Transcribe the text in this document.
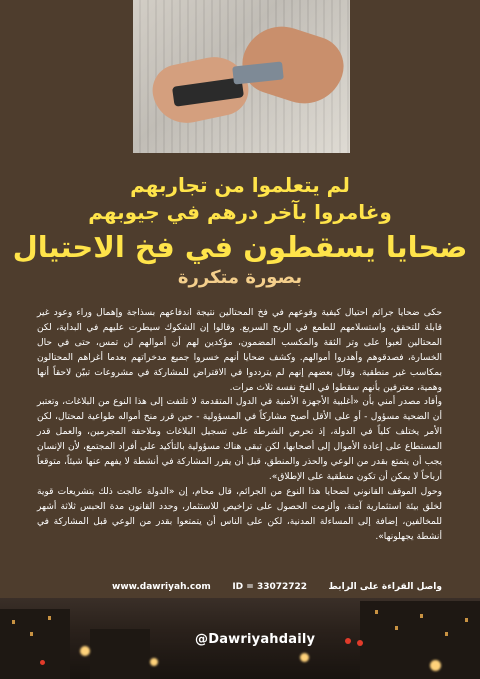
لم يتعلموا من تجاربهم
وغامروا بآخر درهم في جيوبهم
ضحايا يسقطون في فخ الاحتيال
بصورة متكررة

حكى ضحايا جرائم احتيال كيفية وقوعهم في فخ المحتالين نتيجة اندفاعهم بسذاجة وإهمال وراء وعود غير قابلة للتحقق، واستسلامهم للطمع في الربح السريع. وقالوا إن الشكوك سيطرت عليهم في البداية، لكن المحتالين لعبوا على وتر الثقة والمكسب المضمون، مؤكدين لهم أن أموالهم لن تمس، حتى في حال الخسارة، فصدقوهم وأهدروا أموالهم. وكشف ضحايا أنهم خسروا جميع مدخراتهم بعدما أغراهم المحتالون بمكاسب غير منطقية. وقال بعضهم إنهم لم يترددوا في الاقتراض للمشاركة في مشروعات تبيّن لاحقاً أنها وهمية، معترفين بأنهم سقطوا في الفخ نفسه ثلاث مرات.

وأفاد مصدر أمني بأن «أغلبية الأجهزة الأمنية في الدول المتقدمة لا تلتفت إلى هذا النوع من البلاغات، وتعتبر أن الضحية مسؤول - أو على الأقل أصبح مشاركاً في المسؤولية - حين قرر منح أمواله طواعية لمحتال، لكن الأمر يختلف كلياً في الدولة، إذ تحرص الشرطة على تسجيل البلاغات وملاحقة المجرمين، والعمل قدر المستطاع على إعادة الأموال إلى أصحابها، لكن تبقى هناك مسؤولية بالتأكيد على أفراد المجتمع، لأن الإنسان يجب أن يتمتع بقدر من الوعي والحذر والمنطق، قبل أن يقرر المشاركة في أنشطة لا يفهم عنها شيئاً، متوقعاً أرباحاً لا يمكن أن تكون منطقية على الإطلاق».

وحول الموقف القانوني لضحايا هذا النوع من الجرائم، قال محام، إن «الدولة عالجت ذلك بتشريعات قوية لخلق بيئة استثمارية آمنة، وألزمت الحصول على تراخيص للاستثمار، وحدد القانون مدة الحبس ثلاثة أشهر للمخالفين، إضافة إلى المساءلة المدنية، لكن على الناس أن يتمتعوا بقدر من الوعي قبل المشاركة في أنشطة يجهلونها».

واصل القراءة على الرابط
ID = 33072722
www.dawriyah.com
@Dawriyahdaily
